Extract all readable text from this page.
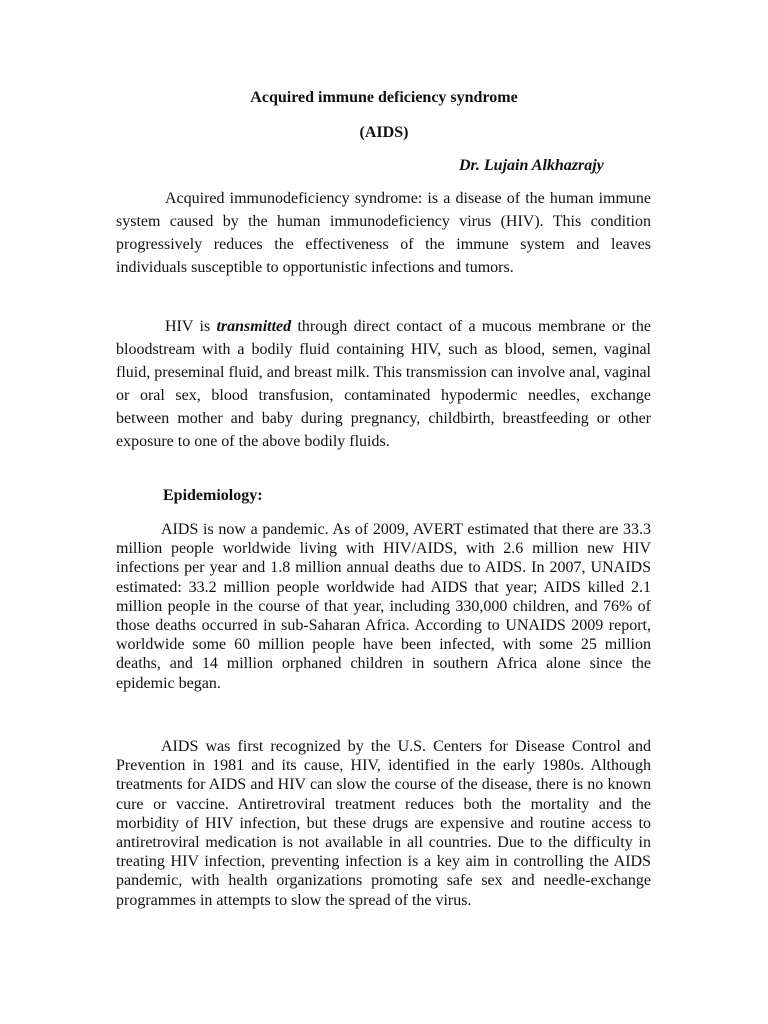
Acquired immune deficiency syndrome
(AIDS)
Dr. Lujain Alkhazrajy

Acquired immunodeficiency syndrome: is a disease of the human immune system caused by the human immunodeficiency virus (HIV). This condition progressively reduces the effectiveness of the immune system and leaves individuals susceptible to opportunistic infections and tumors.

HIV is transmitted through direct contact of a mucous membrane or the bloodstream with a bodily fluid containing HIV, such as blood, semen, vaginal fluid, preseminal fluid, and breast milk. This transmission can involve anal, vaginal or oral sex, blood transfusion, contaminated hypodermic needles, exchange between mother and baby during pregnancy, childbirth, breastfeeding or other exposure to one of the above bodily fluids.

Epidemiology:

AIDS is now a pandemic. As of 2009, AVERT estimated that there are 33.3 million people worldwide living with HIV/AIDS, with 2.6 million new HIV infections per year and 1.8 million annual deaths due to AIDS. In 2007, UNAIDS estimated: 33.2 million people worldwide had AIDS that year; AIDS killed 2.1 million people in the course of that year, including 330,000 children, and 76% of those deaths occurred in sub-Saharan Africa. According to UNAIDS 2009 report, worldwide some 60 million people have been infected, with some 25 million deaths, and 14 million orphaned children in southern Africa alone since the epidemic began.

AIDS was first recognized by the U.S. Centers for Disease Control and Prevention in 1981 and its cause, HIV, identified in the early 1980s. Although treatments for AIDS and HIV can slow the course of the disease, there is no known cure or vaccine. Antiretroviral treatment reduces both the mortality and the morbidity of HIV infection, but these drugs are expensive and routine access to antiretroviral medication is not available in all countries. Due to the difficulty in treating HIV infection, preventing infection is a key aim in controlling the AIDS pandemic, with health organizations promoting safe sex and needle-exchange programmes in attempts to slow the spread of the virus.
